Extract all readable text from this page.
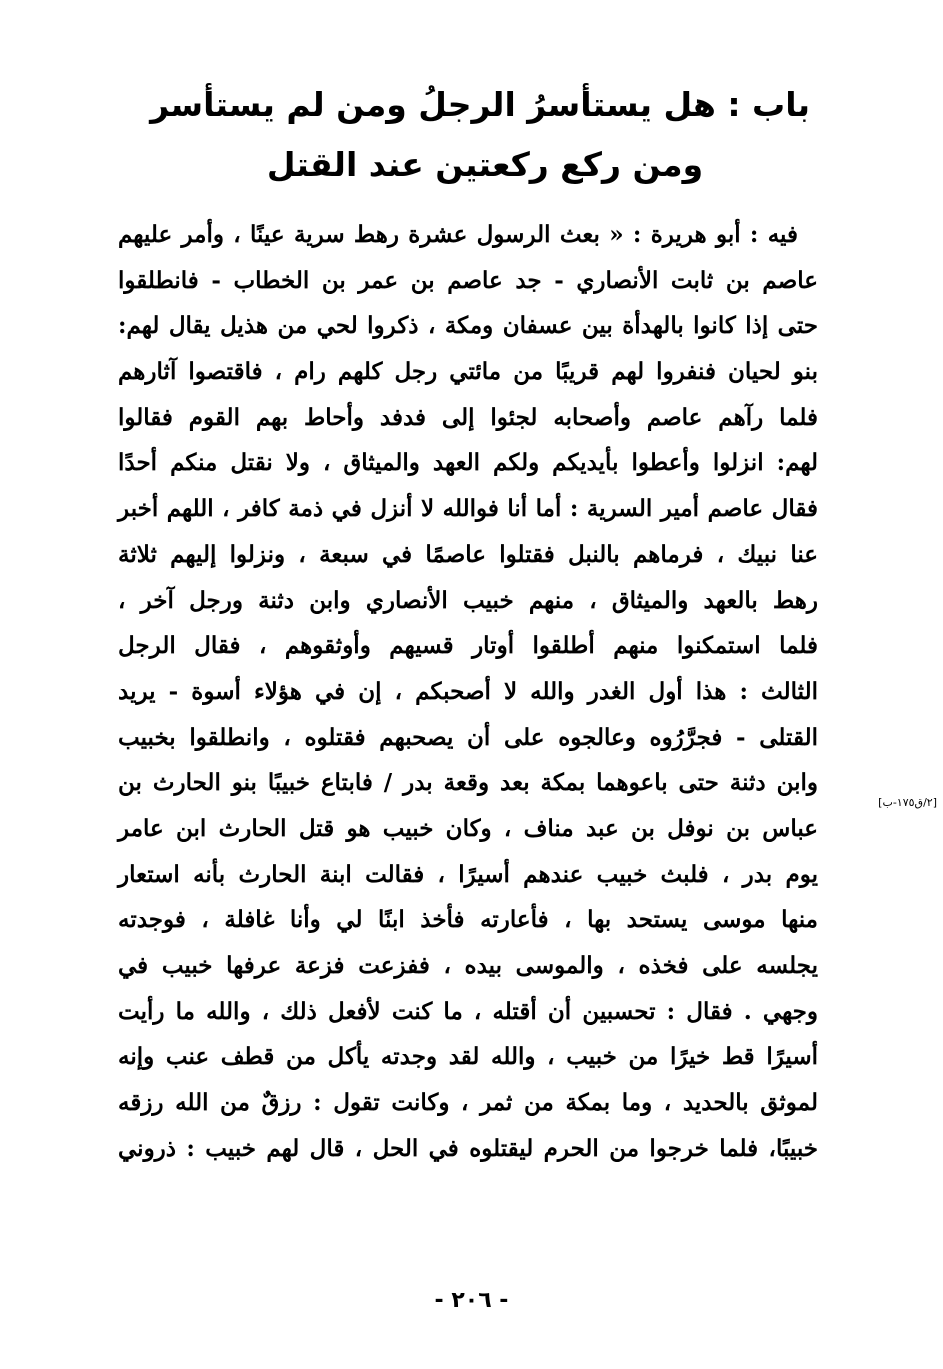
باب : هل يستأسرُ الرجلُ ومن لم يستأسر
ومن ركع ركعتين عند القتل
فيه : أبو هريرة : « بعث الرسول عشرة رهط سرية عينًا ، وأمر عليهم
عاصم بن ثابت الأنصاري - جد عاصم بن عمر بن الخطاب - فانطلقوا
حتى إذا كانوا بالهدأة بين عسفان ومكة ، ذكروا لحي من هذيل يقال لهم:
بنو لحيان فنفروا لهم قريبًا من مائتي رجل كلهم رام ، فاقتصوا آثارهم
فلما رآهم عاصم وأصحابه لجئوا إلى فدفد وأحاط بهم القوم فقالوا
لهم: انزلوا وأعطوا بأيديكم ولكم العهد والميثاق ، ولا نقتل منكم أحدًا
فقال عاصم أمير السرية : أما أنا فوالله لا أنزل في ذمة كافر ، اللهم أخبر
عنا نبيك ، فرماهم بالنبل فقتلوا عاصمًا في سبعة ، ونزلوا إليهم ثلاثة
رهط بالعهد والميثاق ، منهم خبيب الأنصاري وابن دثنة ورجل آخر ،
فلما استمكنوا منهم أطلقوا أوتار قسيهم وأوثقوهم ، فقال الرجل
الثالث : هذا أول الغدر والله لا أصحبكم ، إن في هؤلاء أسوة - يريد
القتلى - فجرَّرُوه وعالجوه على أن يصحبهم فقتلوه ، وانطلقوا بخبيب
وابن دثنة حتى باعوهما بمكة بعد وقعة بدر / فابتاع خبيبًا بنو الحارث بن
عباس بن نوفل بن عبد مناف ، وكان خبيب هو قتل الحارث ابن عامر
يوم بدر ، فلبث خبيب عندهم أسيرًا ، فقالت ابنة الحارث بأنه استعار
منها موسى يستحد بها ، فأعارته فأخذ ابنًا لي وأنا غافلة ، فوجدته
يجلسه على فخذه ، والموسى بيده ، ففزعت فزعة عرفها خبيب في
وجهي . فقال : تحسبين أن أقتله ، ما كنت لأفعل ذلك ، والله ما رأيت
أسيرًا قط خيرًا من خبيب ، والله لقد وجدته يأكل من قطف عنب وإنه
لموثق بالحديد ، وما بمكة من ثمر ، وكانت تقول : رزقٌ من الله رزقه
خبيبًا، فلما خرجوا من الحرم ليقتلوه في الحل ، قال لهم خبيب : ذروني
[٢/ق١٧٥-ب]
- ٢٠٦ -
